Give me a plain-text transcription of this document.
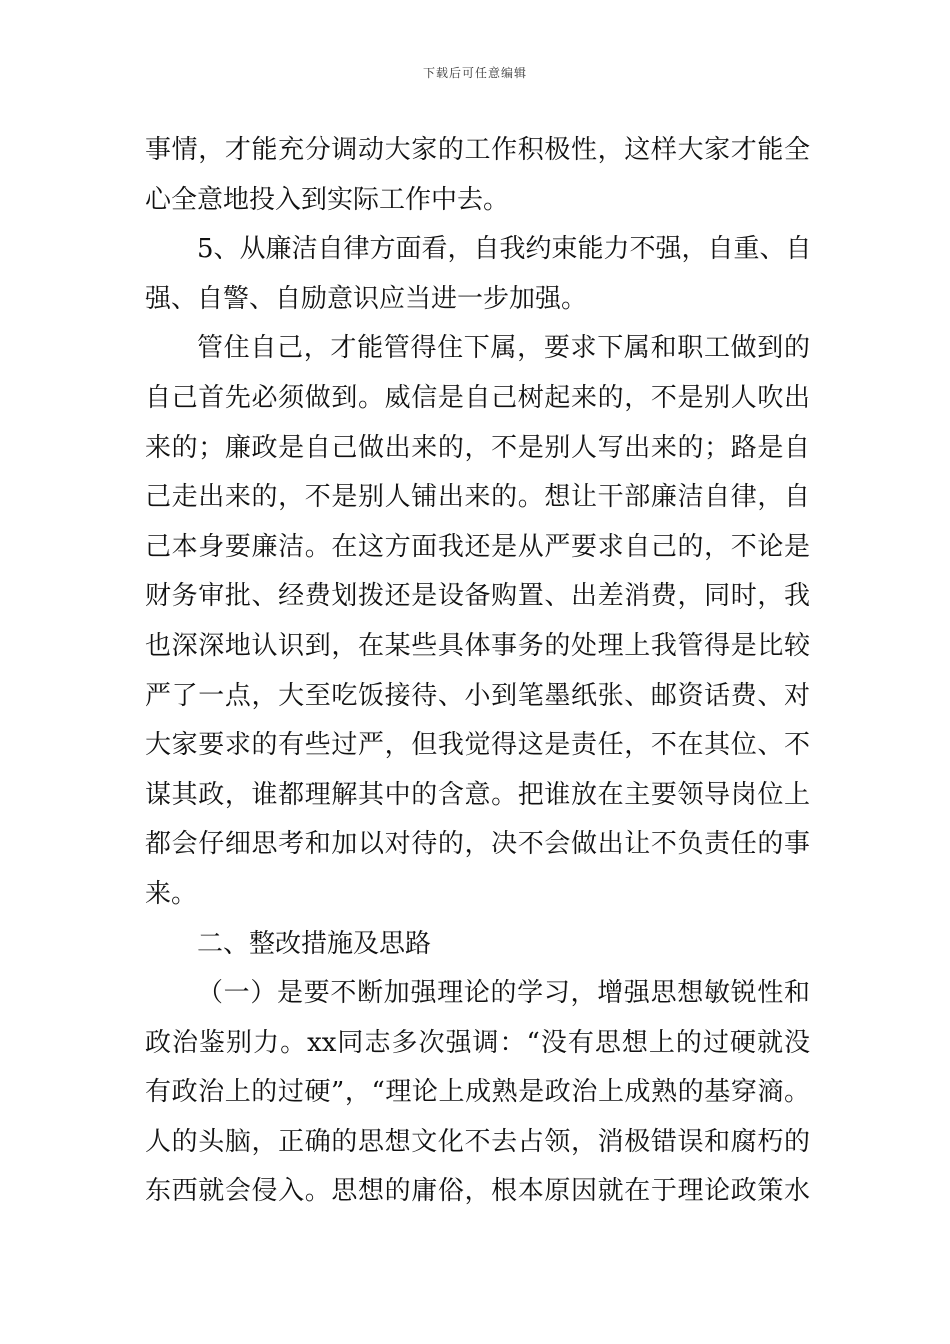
下载后可任意编辑
事情，才能充分调动大家的工作积极性，这样大家才能全
心全意地投入到实际工作中去。
5、从廉洁自律方面看，自我约束能力不强，自重、自
强、自警、自励意识应当进一步加强。
管住自己，才能管得住下属，要求下属和职工做到的
自己首先必须做到。威信是自己树起来的，不是别人吹出
来的；廉政是自己做出来的，不是别人写出来的；路是自
己走出来的，不是别人铺出来的。想让干部廉洁自律，自
己本身要廉洁。在这方面我还是从严要求自己的，不论是
财务审批、经费划拨还是设备购置、出差消费，同时，我
也深深地认识到，在某些具体事务的处理上我管得是比较
严了一点，大至吃饭接待、小到笔墨纸张、邮资话费、对
大家要求的有些过严，但我觉得这是责任，不在其位、不
谋其政，谁都理解其中的含意。把谁放在主要领导岗位上
都会仔细思考和加以对待的，决不会做出让不负责任的事
来。
二、整改措施及思路
（一）是要不断加强理论的学习，增强思想敏锐性和
政治鉴别力。xx同志多次强调：“没有思想上的过硬就没
有政治上的过硬”，“理论上成熟是政治上成熟的基穿滳。
人的头脑，正确的思想文化不去占领，消极错误和腐朽的
东西就会侵入。思想的庸俗，根本原因就在于理论政策水
